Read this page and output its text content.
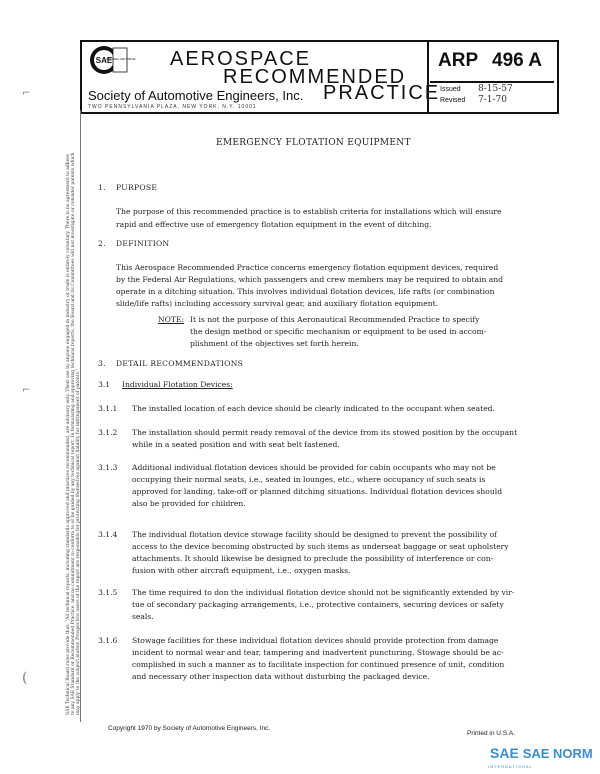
SAE
LAND SEA AIR SPACE AEROSPACE
RECOMMENDED
PRACTICE
Society of Automotive Engineers, Inc.
TWO PENNSYLVANIA PLAZA, NEW YORK, N.Y. 10001
ARP 496 A
Issued 8-15-57
Revised 7-1-70
SAE Technical Board rules provide that: "All technical reports, including standards approved and practices recommended, are advisory only. Their use by anyone engaged in industry or trade is entirely voluntary. There is no agreement to adhere to any SAE Standard or Recommended Practice, and no commitment to conform to or be guided by any technical report. In formulating and approving technical reports, the Board and its Committees will not investigate or consider patents which may apply to the subject matter. Prospective users of the report are responsible for protecting themselves against liability for infringement of patents."
⌐
⌐
(
EMERGENCY FLOTATION EQUIPMENT
1. PURPOSE
The purpose of this recommended practice is to establish criteria for installations which will ensure
rapid and effective use of emergency flotation equipment in the event of ditching.
2. DEFINITION
This Aerospace Recommended Practice concerns emergency flotation equipment devices, required
by the Federal Air Regulations, which passengers and crew members may be required to obtain and
operate in a ditching situation. This involves individual flotation devices, life rafts (or combination
slide/life rafts) including accessory survival gear, and auxiliary flotation equipment.
NOTE: It is not the purpose of this Aeronautical Recommended Practice to specify
the design method or specific mechanism or equipment to be used in accom-
plishment of the objectives set forth herein.
3. DETAIL RECOMMENDATIONS
3.1 Individual Flotation Devices:
3.1.1 The installed location of each device should be clearly indicated to the occupant when seated.
3.1.2 The installation should permit ready removal of the device from its stowed position by the occupant
while in a seated position and with seat belt fastened.
3.1.3 Additional individual flotation devices should be provided for cabin occupants who may not be
occupying their normal seats, i.e., seated in lounges, etc., where occupancy of such seats is
approved for landing, take-off or planned ditching situations. Individual flotation devices should
also be provided for children.
3.1.4 The individual flotation device stowage facility should be designed to prevent the possibility of
access to the device becoming obstructed by such items as underseat baggage or seat upholstery
attachments. It should likewise be designed to preclude the possibility of interference or con-
fusion with other aircraft equipment, i.e., oxygen masks.
3.1.5 The time required to don the individual flotation device should not be significantly extended by vir-
tue of secondary packaging arrangements, i.e., protective containers, securing devices or safety
seals.
3.1.6 Stowage facilities for these individual flotation devices should provide protection from damage
incident to normal wear and tear, tampering and inadvertent puncturing. Stowage should be ac-
complished in such a manner as to facilitate inspection for continued presence of unit, condition
and necessary other inspection data without disturbing the packaged device.
Copyright 1970 by Society of Automotive Engineers, Inc.
Printed in U.S.A.
SAE SAE NORM
INTERNATIONAL
